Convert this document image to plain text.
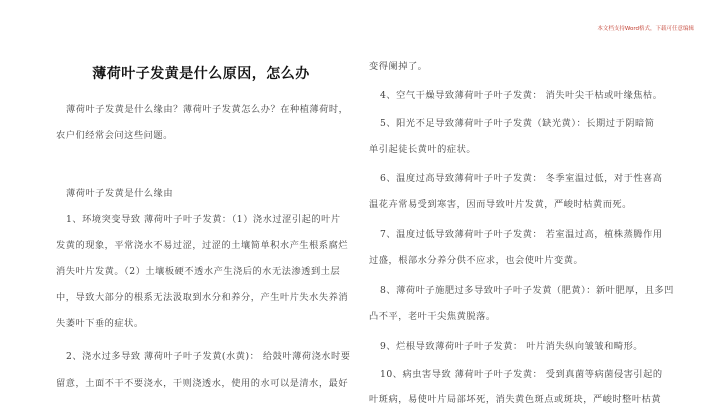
本文档支持Word格式，下载可任意编辑
薄荷叶子发黄是什么原因，怎么办
薄荷叶子发黄是什么缘由？薄荷叶子发黄怎么办？在种植薄荷时，
农户们经常会问这些问题。
薄荷叶子发黄是什么缘由
1、环境突变导致 薄荷叶子叶子发黄：（1）浇水过涩引起的叶片
发黄的现象，平常浇水不易过涩，过涩的土壤简单积水产生根系腐烂
消失叶片发黄。（2）土壤板硬不透水产生浇后的水无法渗透到土层
中，导致大部分的根系无法汲取到水分和养分，产生叶片失水失养消
失萎叶下垂的症状。
2、浇水过多导致 薄荷叶子叶子发黄(水黄)： 给鼓叶薄荷浇水时要
留意，土面不干不要浇水，干则浇透水，使用的水可以是清水，最好
变得阑掉了。
4、空气干燥导致薄荷叶子叶子发黄： 消失叶尖干枯或叶缘焦枯。
5、阳光不足导致薄荷叶子叶子发黄（缺光黄）：长期过于阴暗简
单引起徒长黄叶的症状。
6、温度过高导致薄荷叶子叶子发黄： 冬季室温过低，对于性喜高
温花卉常易受到寒害，因而导致叶片发黄，严峻时枯黄而死。
7、温度过低导致薄荷叶子叶子发黄： 若室温过高，植株蒸腾作用
过盛，根部水分养分供不应求，也会使叶片变黄。
8、薄荷叶子施肥过多导致叶子叶子发黄（肥黄）：新叶肥厚，且多凹
凸不平，老叶干尖焦黄脱落。
9、烂根导致薄荷叶子叶子发黄： 叶片消失纵向皱皱和畸形。
10、病虫害导致 薄荷叶子叶子发黄： 受到真菌等病菌侵害引起的
叶斑病，易使叶片局部坏死，消失黄色斑点或斑块，严峻时整叶枯黄
